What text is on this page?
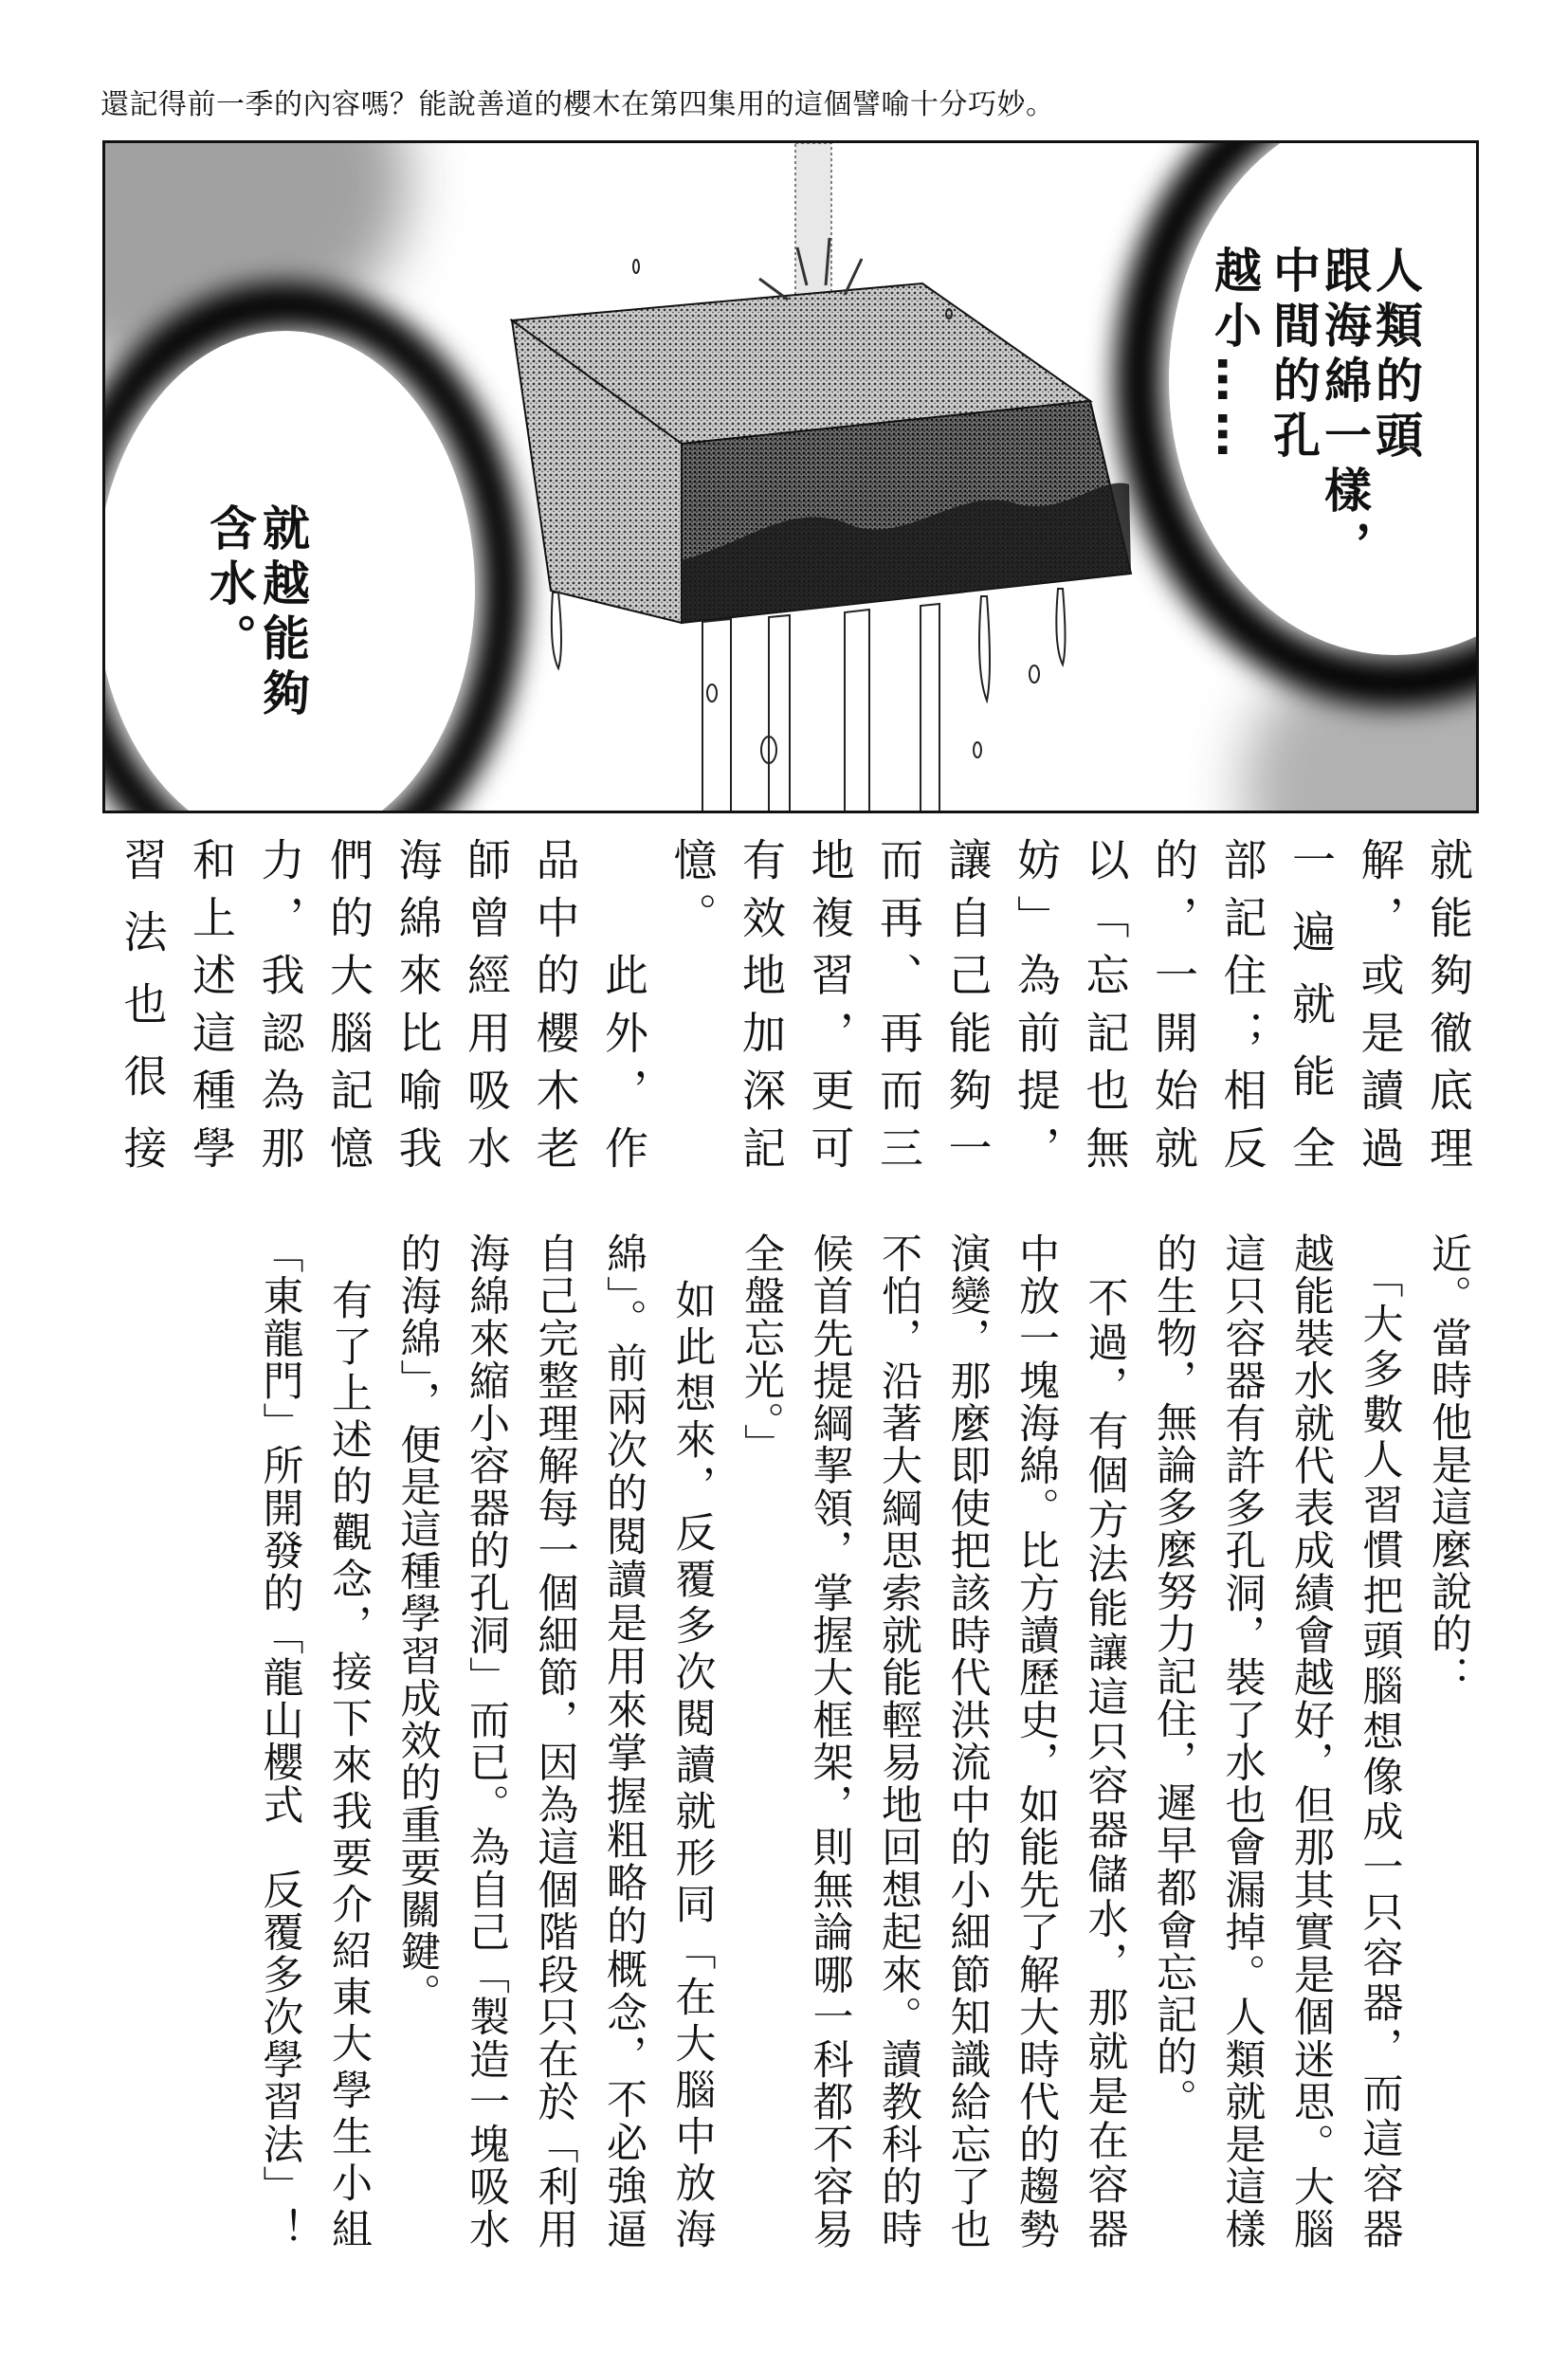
還記得前一季的內容嗎？能說善道的櫻木在第四集用的這個譬喻十分巧妙。
人類的頭
跟海綿一樣，
中間的孔
越小……
就越能夠
含水。
就能夠徹底理
解，或是讀過
一遍就能全
部記住；相反
的，一開始就
以「忘記也無
妨」為前提，
讓自己能夠一
而再、再而三
地複習，更可
有效地加深記
憶。
　　此外，作
品中的櫻木老
師曾經用吸水
海綿來比喻我
們的大腦記憶
力，我認為那
和上述這種學
習法也很接
近。當時他是這麼說的：
　「大多數人習慣把頭腦想像成一只容器，而這容器
越能裝水就代表成績會越好，但那其實是個迷思。大腦
這只容器有許多孔洞，裝了水也會漏掉。人類就是這樣
的生物，無論多麼努力記住，遲早都會忘記的。
　不過，有個方法能讓這只容器儲水，那就是在容器
中放一塊海綿。比方讀歷史，如能先了解大時代的趨勢
演變，那麼即使把該時代洪流中的小細節知識給忘了也
不怕，沿著大綱思索就能輕易地回想起來。讀教科的時
候首先提綱挈領，掌握大框架，則無論哪一科都不容易
全盤忘光。」
　如此想來，反覆多次閱讀就形同「在大腦中放海
綿」。前兩次的閱讀是用來掌握粗略的概念，不必強逼
自己完整理解每一個細節，因為這個階段只在於「利用
海綿來縮小容器的孔洞」而已。為自己「製造一塊吸水
的海綿」，便是這種學習成效的重要關鍵。
　有了上述的觀念，接下來我要介紹東大學生小組
「東龍門」所開發的「龍山櫻式　反覆多次學習法」！
